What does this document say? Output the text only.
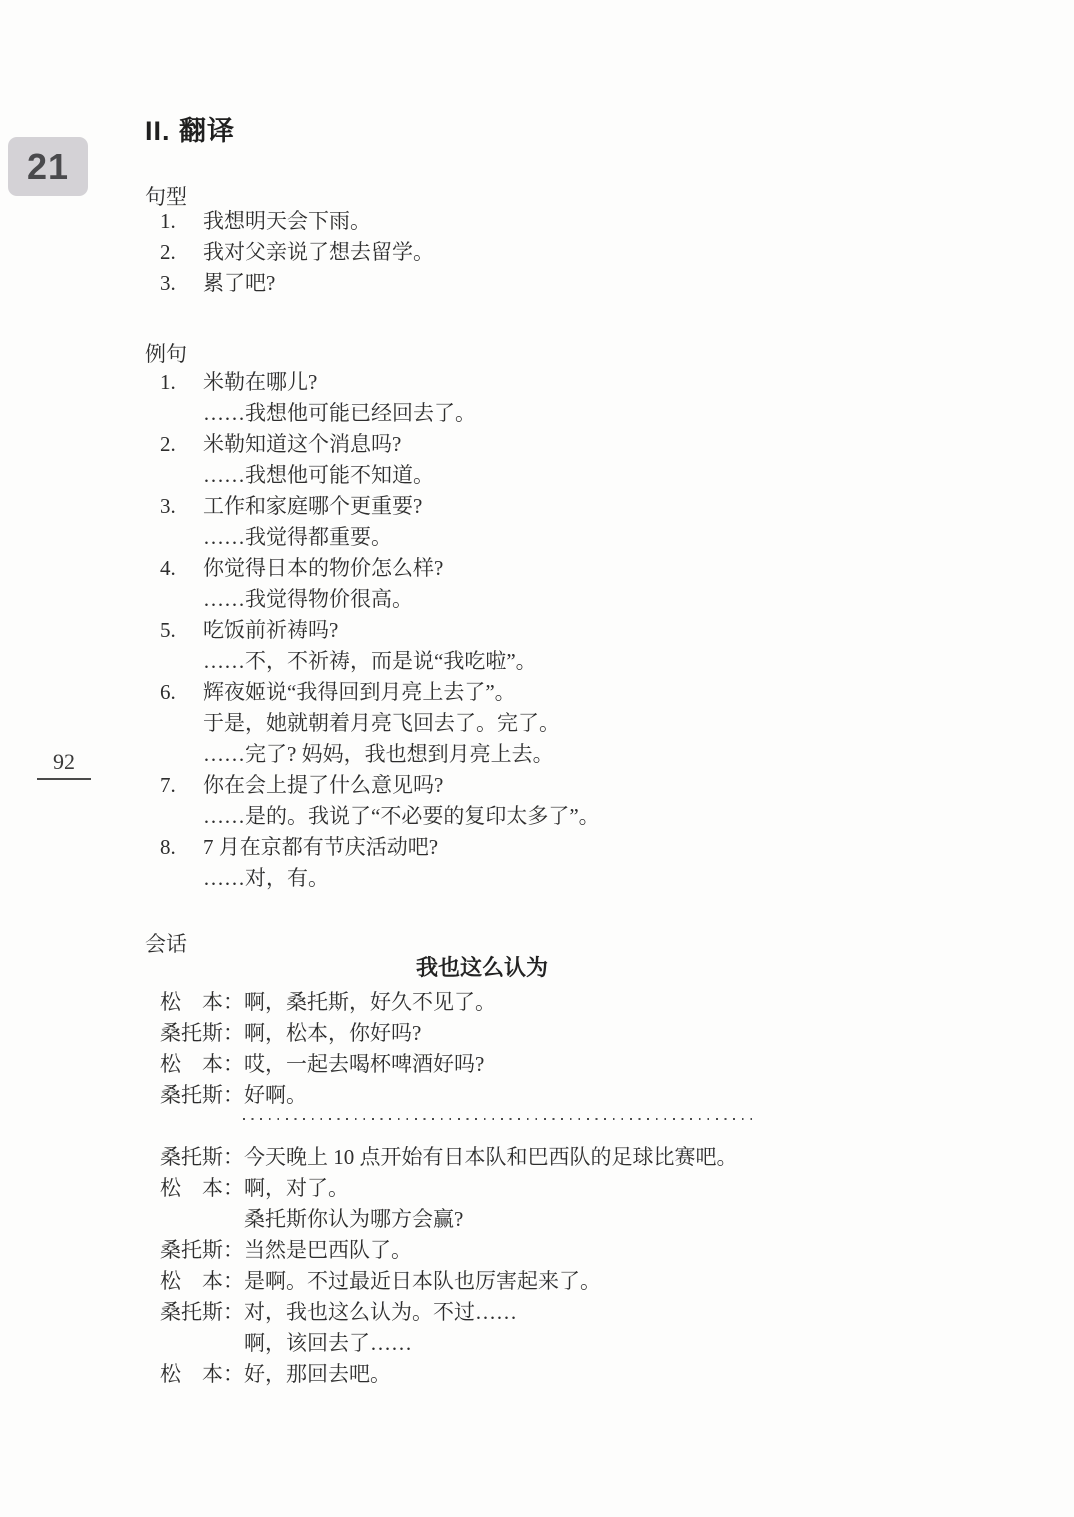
21
II. 翻译
句型
1. 我想明天会下雨。
2. 我对父亲说了想去留学。
3. 累了吧?
例句
1. 米勒在哪儿?
……我想他可能已经回去了。
2. 米勒知道这个消息吗?
……我想他可能不知道。
3. 工作和家庭哪个更重要?
……我觉得都重要。
4. 你觉得日本的物价怎么样?
……我觉得物价很高。
5. 吃饭前祈祷吗?
……不，不祈祷，而是说“我吃啦”。
6. 辉夜姬说“我得回到月亮上去了”。
于是，她就朝着月亮飞回去了。完了。
……完了? 妈妈，我也想到月亮上去。
7. 你在会上提了什么意见吗?
……是的。我说了“不必要的复印太多了”。
8. 7 月在京都有节庆活动吧?
……对，有。
92
会话
我也这么认为
松　本：啊，桑托斯，好久不见了。
桑托斯：啊，松本，你好吗?
松　本：哎，一起去喝杯啤酒好吗?
桑托斯：好啊。
桑托斯：今天晚上 10 点开始有日本队和巴西队的足球比赛吧。
松　本：啊，对了。
桑托斯你认为哪方会赢?
桑托斯：当然是巴西队了。
松　本：是啊。不过最近日本队也厉害起来了。
桑托斯：对，我也这么认为。不过……
啊，该回去了……
松　本：好，那回去吧。
